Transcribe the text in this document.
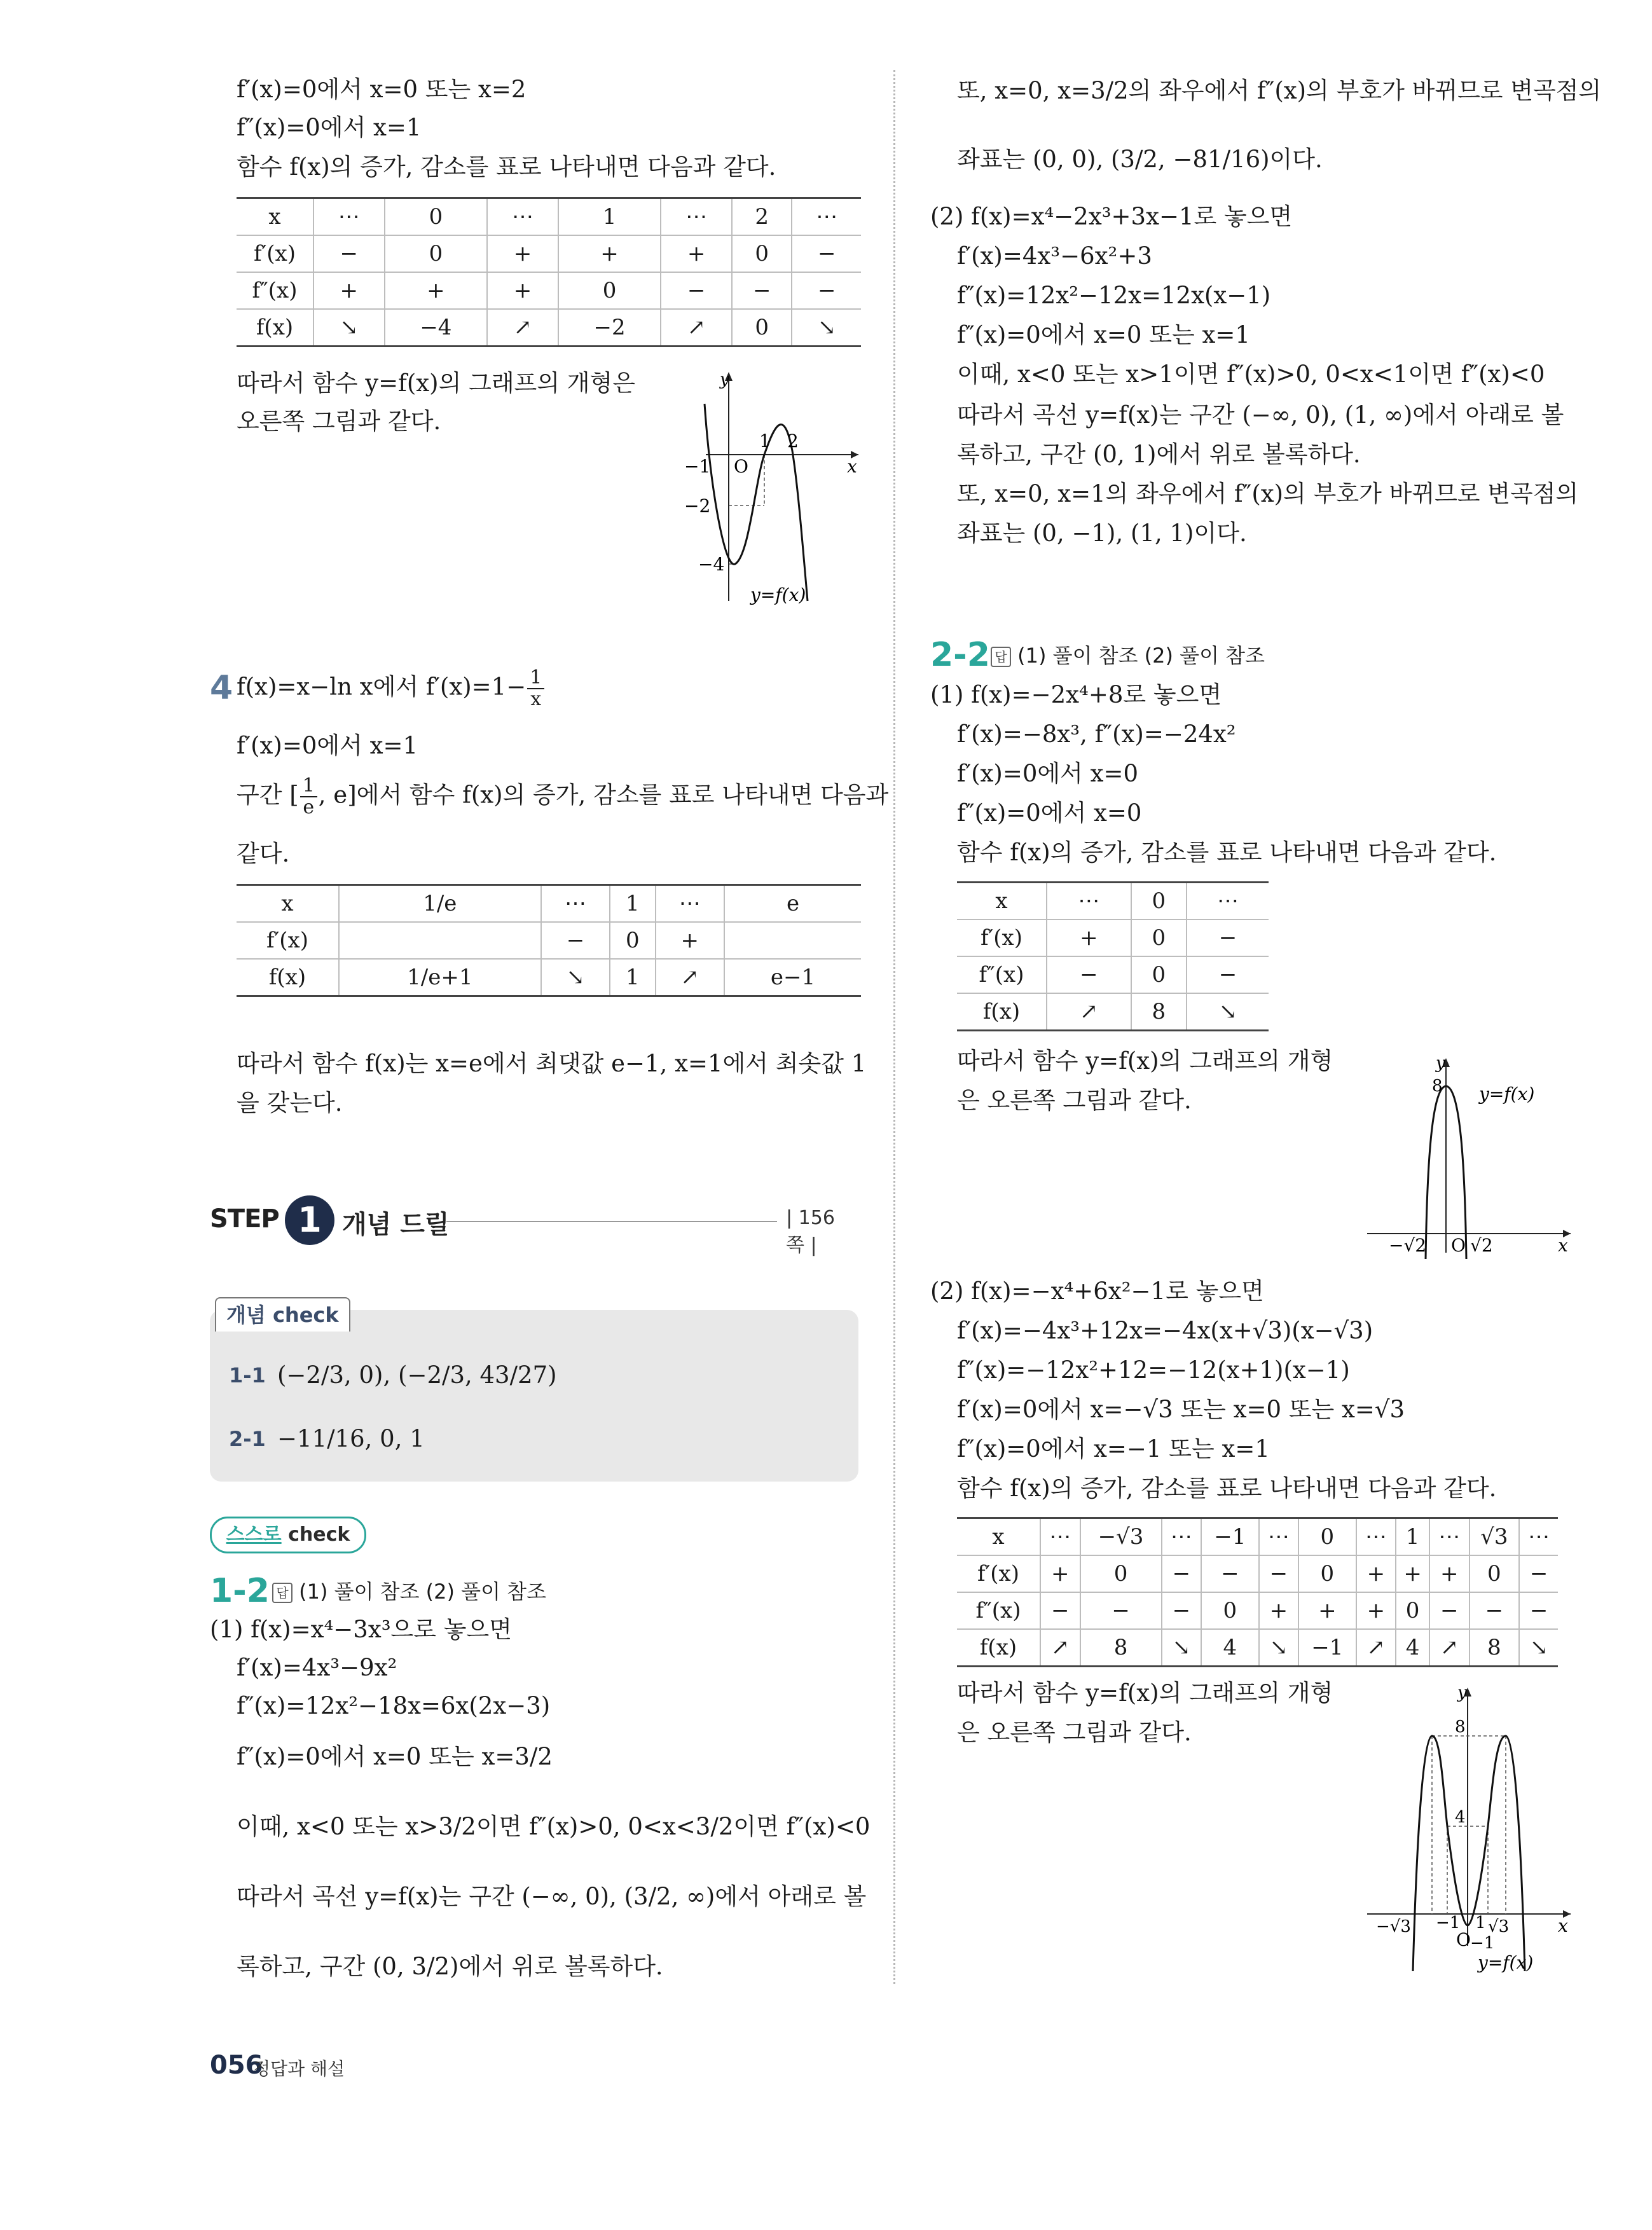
f′(x)=0에서 x=0 또는 x=2
f″(x)=0에서 x=1
함수 f(x)의 증가, 감소를 표로 나타내면 다음과 같다.
x	⋯	0	⋯	1	⋯	2	⋯
f′(x)	−	0	+	+	+	0	−
f″(x)	+	+	+	0	−	−	−
f(x)	↘	−4	↗	−2	↗	0	↘
따라서 함수 y=f(x)의 그래프의 개형은
오른쪽 그림과 같다.
y
x
O
−1
1 2
−2
−4
y=f(x)
4 f(x)=x−ln x에서 $f'(x)=1- \frac{1}{x}$
f′(x)=0에서 x=1
구간 [ $\frac{1}{e}$ , e]에서 함수 f(x)의 증가, 감소를 표로 나타내면 다음과
같다.
x	1/e	⋯	1	⋯	e
f′(x)		−	0	+	
f(x)	1/e+1	↘	1	↗	e−1
따라서 함수 f(x)는 x=e에서 최댓값 e−1, x=1에서 최솟값 1
을 갖는다.
STEP 1 개념 드릴	| 156쪽 |
개념 check
1-1 (−2/3, 0), (−2/3, 43/27)
2-1 −11/16, 0, 1
스스로 check
1-2 답 (1) 풀이 참조 (2) 풀이 참조
(1) f(x)=x⁴−3x³으로 놓으면
f′(x)=4x³−9x²
f″(x)=12x²−18x=6x(2x−3)
f″(x)=0에서 x=0 또는 x=3/2
이때, x<0 또는 x>3/2이면 f″(x)>0, 0<x<3/2이면 f″(x)<0
따라서 곡선 y=f(x)는 구간 (−∞, 0), (3/2, ∞)에서 아래로 볼
록하고, 구간 (0, 3/2)에서 위로 볼록하다.
056
정답과 해설
또, x=0, x=3/2의 좌우에서 f″(x)의 부호가 바뀌므로 변곡점의
좌표는 (0, 0), (3/2, −81/16)이다.
(2) f(x)=x⁴−2x³+3x−1로 놓으면
f′(x)=4x³−6x²+3
f″(x)=12x²−12x=12x(x−1)
f″(x)=0에서 x=0 또는 x=1
이때, x<0 또는 x>1이면 f″(x)>0, 0<x<1이면 f″(x)<0
따라서 곡선 y=f(x)는 구간 (−∞, 0), (1, ∞)에서 아래로 볼
록하고, 구간 (0, 1)에서 위로 볼록하다.
또, x=0, x=1의 좌우에서 f″(x)의 부호가 바뀌므로 변곡점의
좌표는 (0, −1), (1, 1)이다.
2-2 답 (1) 풀이 참조 (2) 풀이 참조
(1) f(x)=−2x⁴+8로 놓으면
f′(x)=−8x³, f″(x)=−24x²
f′(x)=0에서 x=0
f″(x)=0에서 x=0
함수 f(x)의 증가, 감소를 표로 나타내면 다음과 같다.
x	⋯	0	⋯
f′(x)	+	0	−
f″(x)	−	0	−
f(x)	↗	8	↘
따라서 함수 y=f(x)의 그래프의 개형
은 오른쪽 그림과 같다.
y
8 y=f(x)
x
O
−√2 √2
(2) f(x)=−x⁴+6x²−1로 놓으면
f′(x)=−4x³+12x=−4x(x+√3)(x−√3)
f″(x)=−12x²+12=−12(x+1)(x−1)
f′(x)=0에서 x=−√3 또는 x=0 또는 x=√3
f″(x)=0에서 x=−1 또는 x=1
함수 f(x)의 증가, 감소를 표로 나타내면 다음과 같다.
x	⋯	−√3	⋯	−1	⋯	0	⋯	1	⋯	√3	⋯
f′(x)	+	0	−	−	−	0	+	+	+	0	−
f″(x)	−	−	−	0	+	+	+	0	−	−	−
f(x)	↗	8	↘	4	↘	−1	↗	4	↗	8	↘
따라서 함수 y=f(x)의 그래프의 개형
은 오른쪽 그림과 같다.
y
8
4
x
−√3 −1 1 √3
O −1
y=f(x)
